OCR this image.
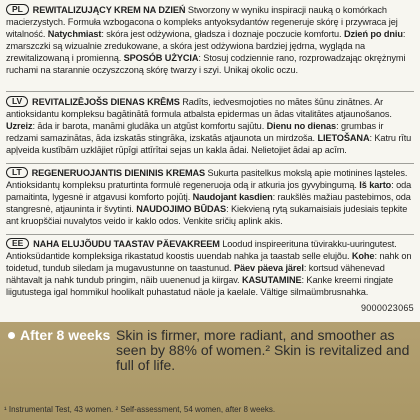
PL REWITALIZUJĄCY KREM NA DZIEŃ Stworzony w wyniku inspiracji nauką o komórkach macierzystych. Formuła wzbogacona o kompleks antyoksydantów regeneruje skórę i przywraca jej witalność. Natychmiast: skóra jest odżywiona, gładsza i doznaje poczucie komfortu. Dzień po dniu: zmarszczki są wizualnie zredukowane, a skóra jest odżywiona bardziej jędrna, wygląda na zrewitalizowaną i promienną. SPOSÓB UŻYCIA: Stosuj codziennie rano, rozprowadzając okrężnymi ruchami na starannie oczyszczoną skórę twarzy i szyi. Unikaj okolic oczu.
LV REVITALIZĒJOŠS DIENAS KRĒMS Radīts, iedvesmojoties no mātes šūnu zinātnes. Ar antioksidantu kompleksu bagātinātā formula atbalsta epidermas un ādas vitalitātes atjaunošanos. Uzreiz: āda ir barota, manāmi gludāka un atgūst komfortu sajūtu. Dienu no dienas: grumbas ir redzami samazinātas, āda izskatās stingrāka, izskatās atjaunota un mirdzoša. LIETOŠANA: Katru rītu apļveida kustībām uzklājiet rūpīgi attīrītai sejas un kakla ādai. Nelietojiet ādai ap acīm.
LT REGENERUOJANTIS DIENINIS KREMAS Sukurta pasitelkus mokslą apie motinines ląsteles. Antioksidantų kompleksu praturtinta formulė regeneruoja odą ir atkuria jos gyvybingumą. Iš karto: oda pamaitinta, lygesnė ir atgavusi komforto pojūtį. Naudojant kasdien: raukšlės mažiau pastebimos, oda stangresnė, atjauninta ir švytinti. NAUDOJIMO BŪDAS: Kiekvieną rytą sukamaisiais judesiais tepkite ant kruopščiai nuvalytos veido ir kaklo odos. Venkite sričių aplink akis.
EE NAHA ELUJÕUDU TAASTAV PÄEVAKREEM Loodud inspireerituna tüvirakku-uuringutest. Antioksüdantide kompleksiga rikastatud koostis uuendab nahka ja taastab selle elujõu. Kohe: nahk on toidetud, tundub siledam ja mugavustunne on taastunud. Päev päeva järel: kortsud vähenevad nähtavalt ja nahk tundub pringim, näib uuenenud ja kiirgav. KASUTAMINE: Kanke kreemi ringjate liigutustega igal hommikul hoolikalt puhastatud näole ja kaelale. Vältige silmaümbrusnahka.
9000023065
After 8 weeks Skin is firmer, more radiant, and smoother as seen by 88% of women.² Skin is revitalized and full of life.
¹ Instrumental Test, 43 women. ² Self-assessment, 54 women, after 8 weeks.
